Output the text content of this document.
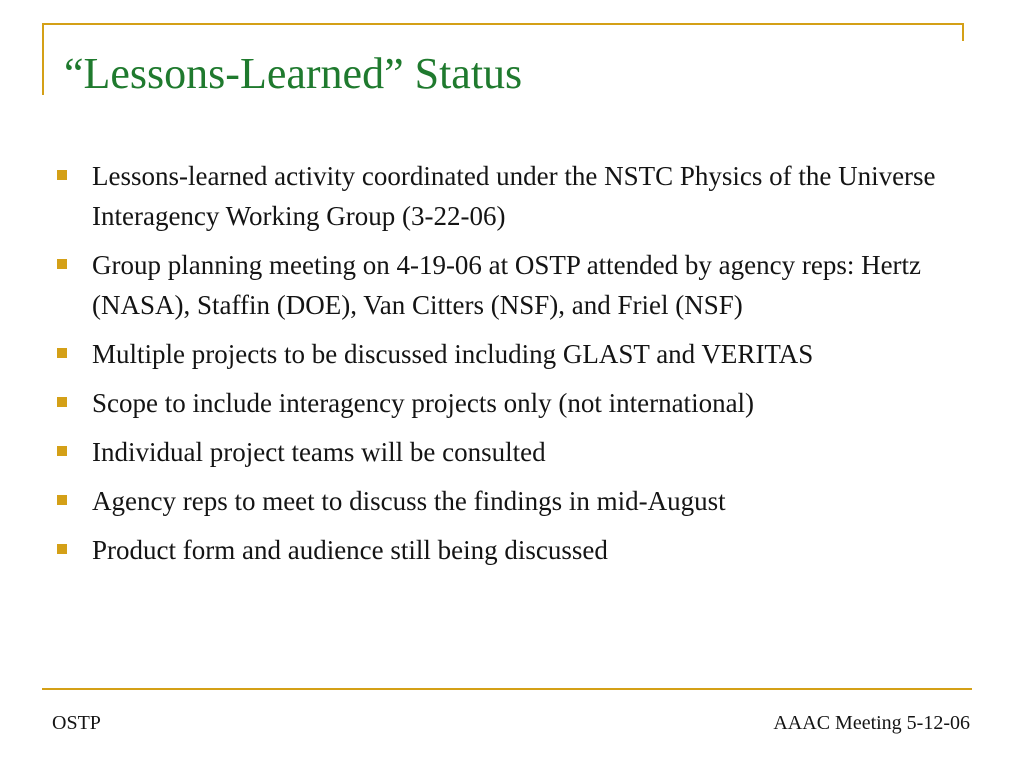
“Lessons-Learned” Status
Lessons-learned activity coordinated under the NSTC Physics of the Universe Interagency Working Group (3-22-06)
Group planning meeting on 4-19-06 at OSTP attended by agency reps: Hertz (NASA), Staffin (DOE), Van Citters (NSF), and Friel (NSF)
Multiple projects to be discussed including GLAST and VERITAS
Scope to include interagency projects only (not international)
Individual project teams will be consulted
Agency reps to meet to discuss the findings in mid-August
Product form and audience still being discussed
OSTP	AAAC Meeting 5-12-06
